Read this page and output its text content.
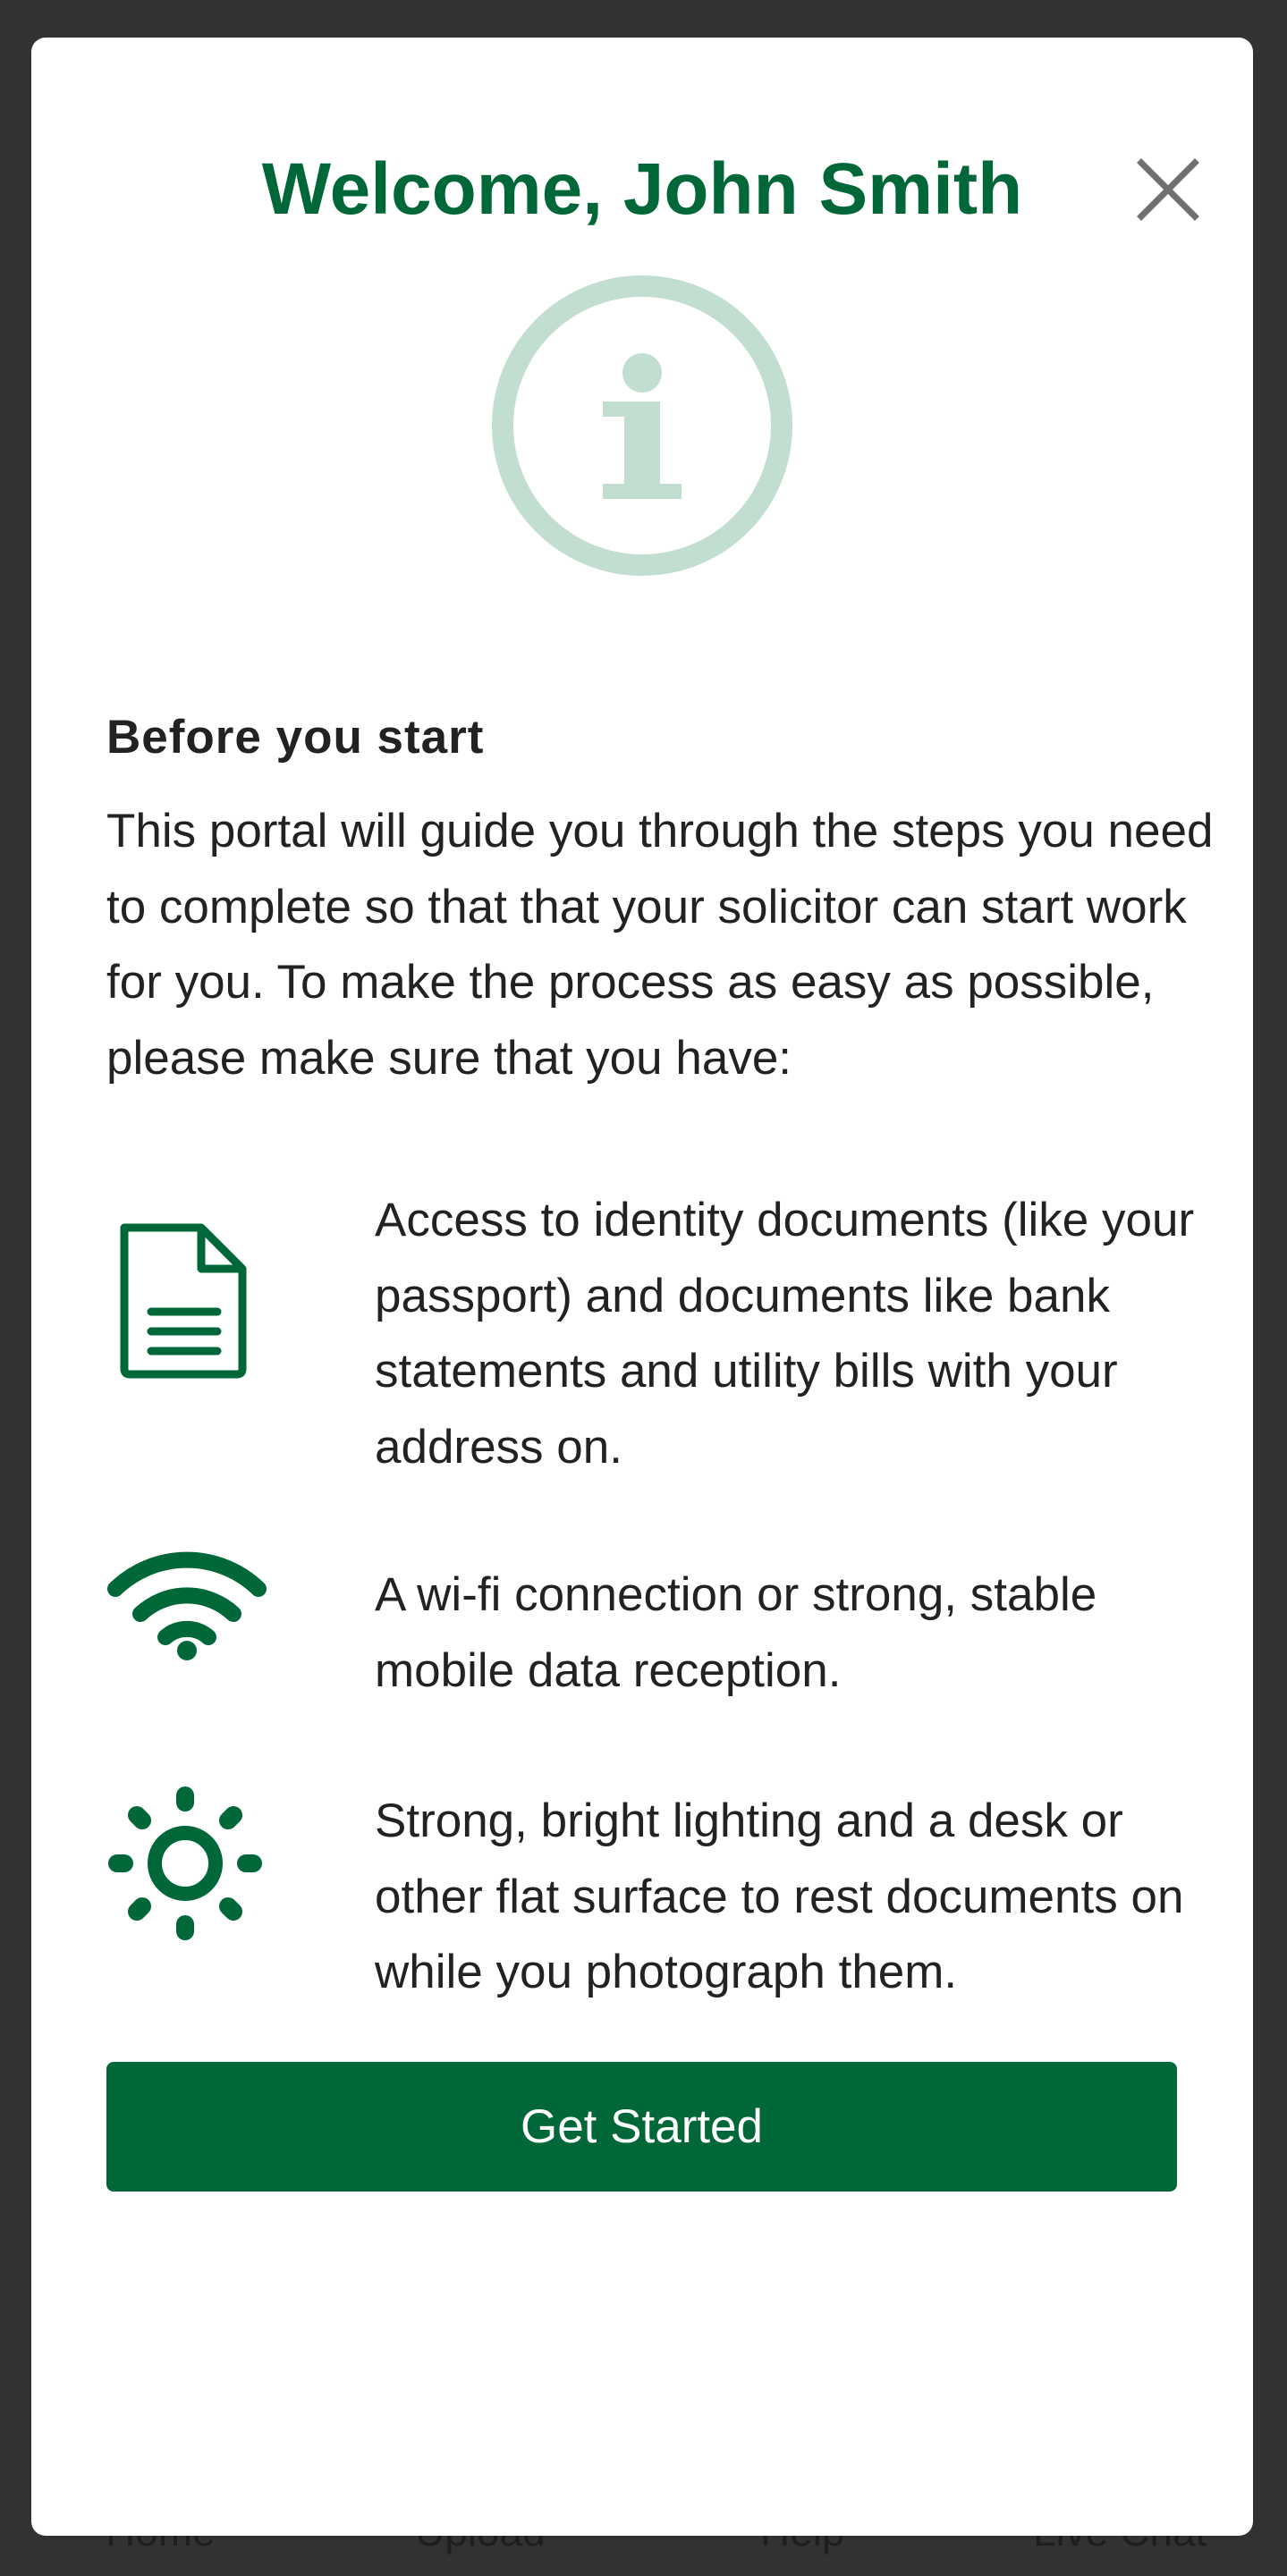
Welcome, John Smith
Before you start
This portal will guide you through the steps you need to complete so that that your solicitor can start work for you. To make the process as easy as possible, please make sure that you have:
Access to identity documents (like your passport) and documents like bank statements and utility bills with your address on.
A wi-fi connection or strong, stable mobile data reception.
Strong, bright lighting and a desk or other flat surface to rest documents on while you photograph them.
Get Started
